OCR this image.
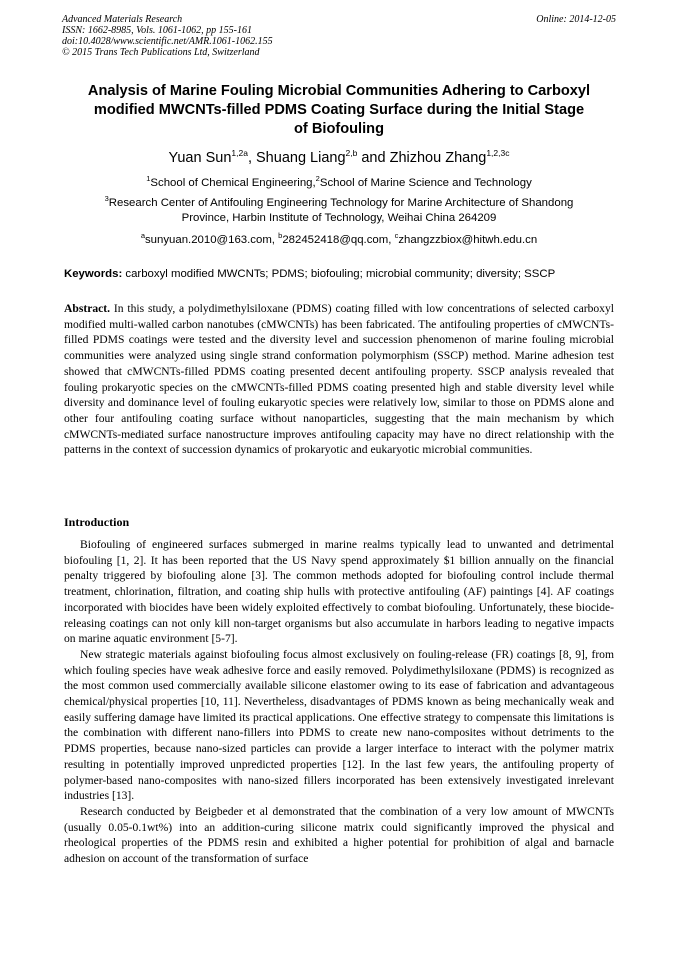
Advanced Materials Research
ISSN: 1662-8985, Vols. 1061-1062, pp 155-161
doi:10.4028/www.scientific.net/AMR.1061-1062.155
© 2015 Trans Tech Publications Ltd, Switzerland
Online: 2014-12-05
Analysis of Marine Fouling Microbial Communities Adhering to Carboxyl
modified MWCNTs-filled PDMS Coating Surface during the Initial Stage
of Biofouling
Yuan Sun$^{1,2a}$, Shuang Liang$^{2,b}$ and Zhizhou Zhang$^{1,2,3c}$
$^1$School of Chemical Engineering,$^2$School of Marine Science and Technology
$^3$Research Center of Antifouling Engineering Technology for Marine Architecture of Shandong
Province, Harbin Institute of Technology, Weihai China 264209
$^a$sunyuan.2010@163.com, $^b$282452418@qq.com, $^c$zhangzzbiox@hitwh.edu.cn
Keywords: carboxyl modified MWCNTs; PDMS; biofouling; microbial community; diversity; SSCP
Abstract. In this study, a polydimethylsiloxane (PDMS) coating filled with low concentrations of selected carboxyl modified multi-walled carbon nanotubes (cMWCNTs) has been fabricated. The antifouling properties of cMWCNTs-filled PDMS coatings were tested and the diversity level and succession phenomenon of marine fouling microbial communities were analyzed using single strand conformation polymorphism (SSCP) method. Marine adhesion test showed that cMWCNTs-filled PDMS coating presented decent antifouling property. SSCP analysis revealed that fouling prokaryotic species on the cMWCNTs-filled PDMS coating presented high and stable diversity level while diversity and dominance level of fouling eukaryotic species were relatively low, similar to those on PDMS alone and other four antifouling coating surface without nanoparticles, suggesting that the main mechanism by which cMWCNTs-mediated surface nanostructure improves antifouling capacity may have no direct relationship with the patterns in the context of succession dynamics of prokaryotic and eukaryotic microbial communities.
Introduction

Biofouling of engineered surfaces submerged in marine realms typically lead to unwanted and detrimental biofouling [1, 2]. It has been reported that the US Navy spend approximately $1 billion annually on the financial penalty triggered by biofouling alone [3]. The common methods adopted for biofouling control include thermal treatment, chlorination, filtration, and coating ship hulls with protective antifouling (AF) paintings [4]. AF coatings incorporated with biocides have been widely exploited effectively to combat biofouling. Unfortunately, these biocide-releasing coatings can not only kill non-target organisms but also accumulate in harbors leading to negative impacts on marine aquatic environment [5-7].

New strategic materials against biofouling focus almost exclusively on fouling-release (FR) coatings [8, 9], from which fouling species have weak adhesive force and easily removed. Polydimethylsiloxane (PDMS) is recognized as the most common used commercially available silicone elastomer owing to its ease of fabrication and advantageous chemical/physical properties [10, 11]. Nevertheless, disadvantages of PDMS known as being mechanically weak and easily suffering damage have limited its practical applications. One effective strategy to compensate this limitations is the combination with different nano-fillers into PDMS to create new nano-composites without detriments to the PDMS properties, because nano-sized particles can provide a larger interface to interact with the polymer matrix resulting in potentially improved unpredicted properties [12]. In the last few years, the antifouling property of polymer-based nano-composites with nano-sized fillers incorporated has been extensively investigated inrelevant industries [13].

Research conducted by Beigbeder et al demonstrated that the combination of a very low amount of MWCNTs (usually 0.05-0.1wt%) into an addition-curing silicone matrix could significantly improved the physical and rheological properties of the PDMS resin and exhibited a higher potential for prohibition of algal and barnacle adhesion on account of the transformation of surface
